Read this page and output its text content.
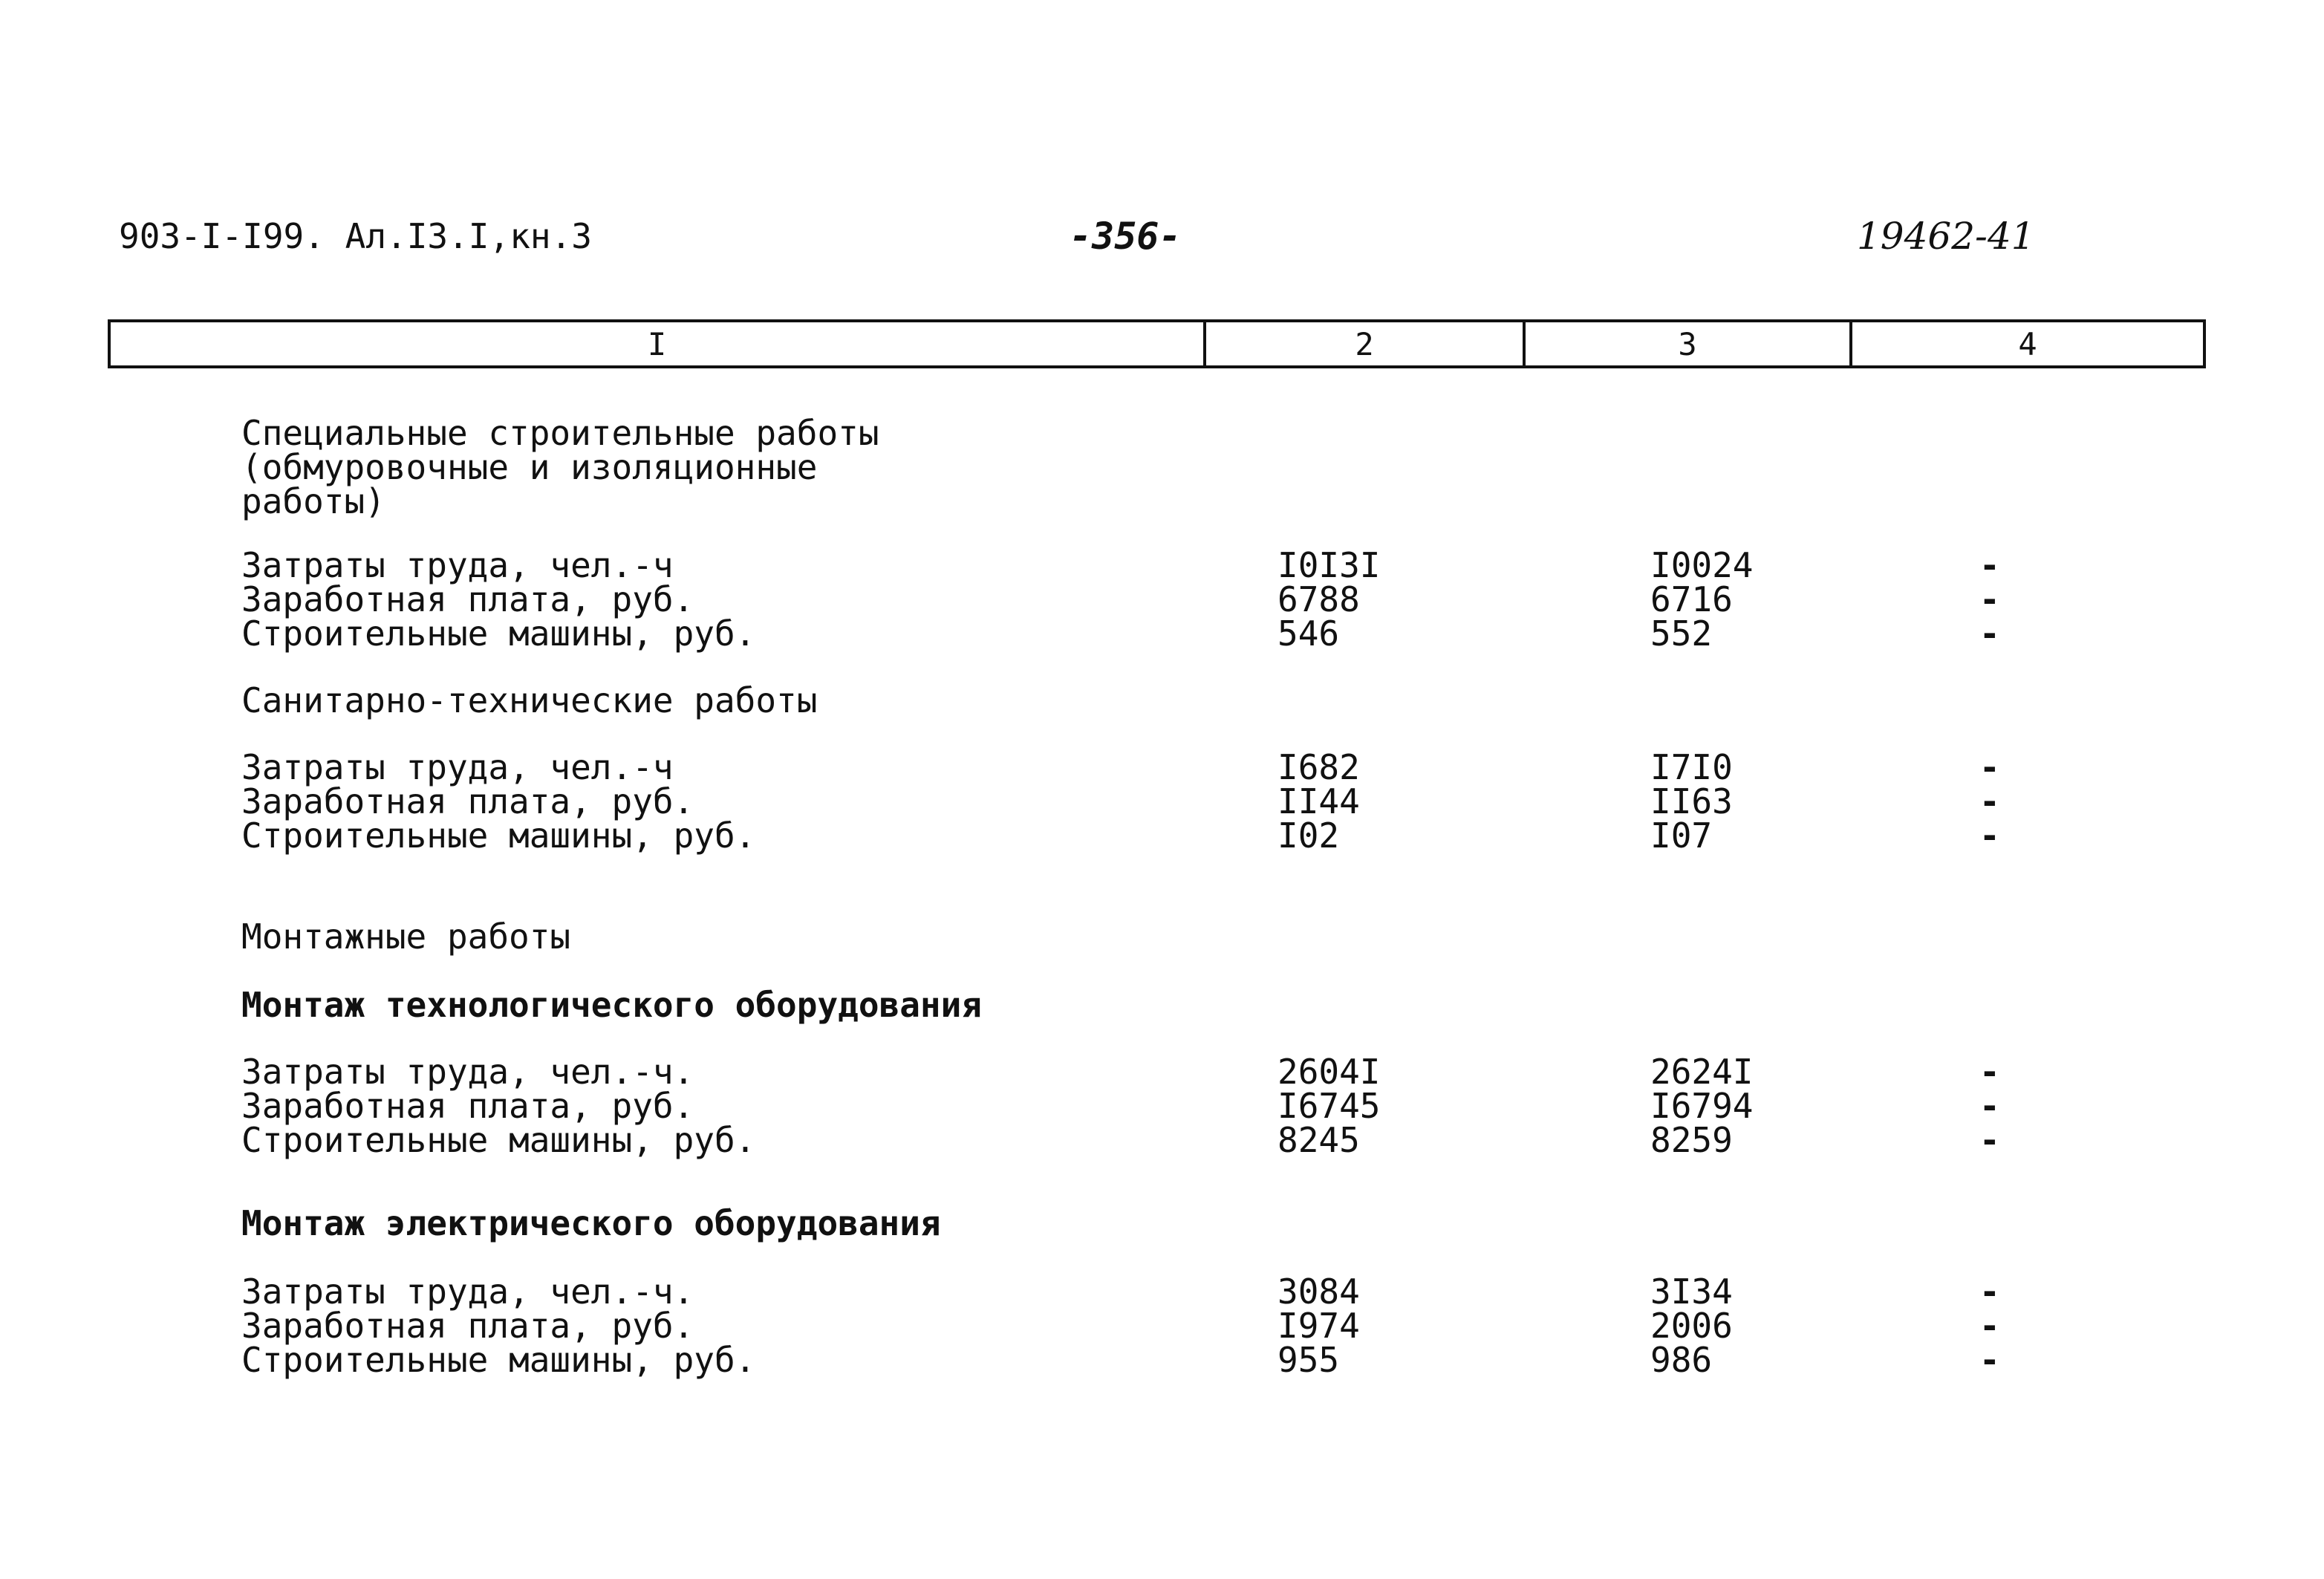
903-I-I99. Ал.I3.I,кн.3	-356-	19462-41
I	2	3	4
Специальные строительные работы
(обмуровочные и изоляционные
работы)
Затраты труда, чел.-ч	I0I3I	I0024	-
Заработная плата, руб.	6788	6716	-
Строительные машины, руб.	546	552	-
Санитарно-технические работы
Затраты труда, чел.-ч	I682	I7I0	-
Заработная плата, руб.	II44	II63	-
Строительные машины, руб.	I02	I07	-
Монтажные работы
Монтаж технологического оборудования
Затраты труда, чел.-ч.	2604I	2624I	-
Заработная плата, руб.	I6745	I6794	-
Строительные машины, руб.	8245	8259	-
Монтаж электрического оборудования
Затраты труда, чел.-ч.	3084	3I34	-
Заработная плата, руб.	I974	2006	-
Строительные машины, руб.	955	986	-
